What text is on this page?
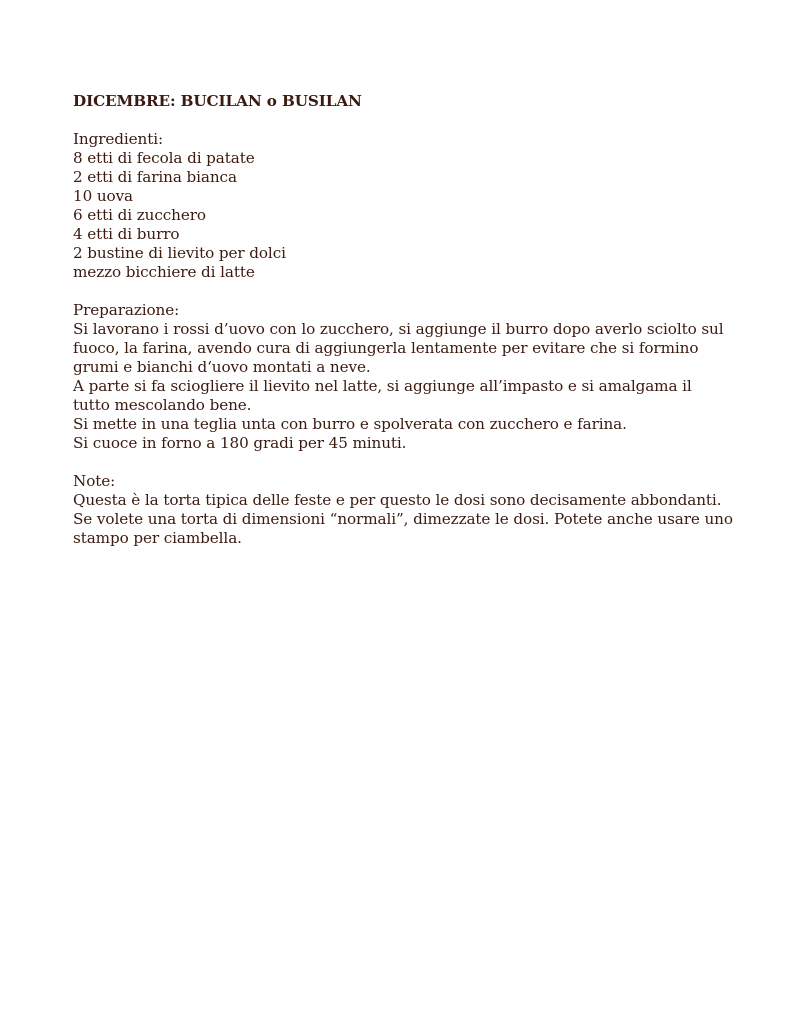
DICEMBRE: BUCILAN o BUSILAN

Ingredienti:
8 etti di fecola di patate
2 etti di farina bianca
10 uova
6 etti di zucchero
4 etti di burro
2 bustine di lievito per dolci
mezzo bicchiere di latte
Preparazione:

Si lavorano i rossi d’uovo con lo zucchero, si aggiunge il burro dopo averlo sciolto sul fuoco, la farina, avendo cura di aggiungerla lentamente per evitare che si formino grumi e bianchi d‘uovo montati a neve.

A parte si fa sciogliere il lievito nel latte, si aggiunge all’impasto e si amalgama il tutto mescolando bene.

Si mette in una teglia unta con burro e spolverata con zucchero e farina.

Si cuoce in forno a 180 gradi per 45 minuti.

Note:

Questa è la torta tipica delle feste e per questo le dosi sono decisamente abbondanti. Se volete una torta di dimensioni “normali”, dimezzate le dosi. Potete anche usare uno stampo per ciambella.
